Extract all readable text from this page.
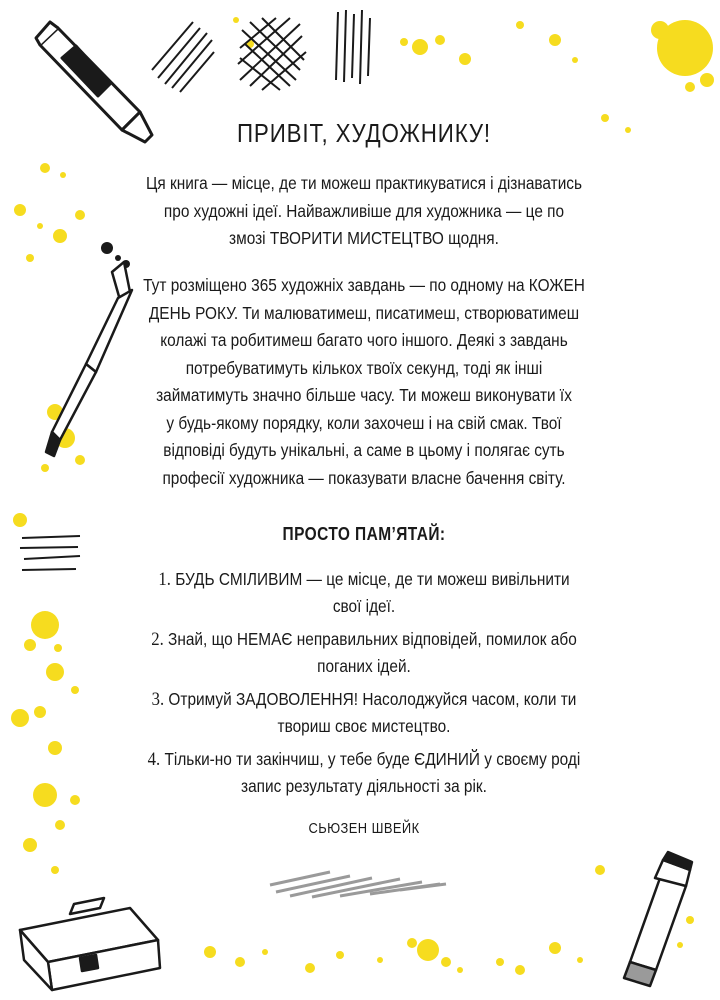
ПРИВІТ, ХУДОЖНИКУ!

Ця книга — місце, де ти можеш практикуватися і дізнаватись
про художні ідеї. Найважливіше для художника — це по
змозі ТВОРИТИ МИСТЕЦТВО щодня.

Тут розміщено 365 художніх завдань — по одному на КОЖЕН
ДЕНЬ РОКУ. Ти малюватимеш, писатимеш, створюватимеш
колажі та робитимеш багато чого іншого. Деякі з завдань
потребуватимуть кількох твоїх секунд, тоді як інші
займатимуть значно більше часу. Ти можеш виконувати їх
у будь-якому порядку, коли захочеш і на свій смак. Твої
відповіді будуть унікальні, а саме в цьому і полягає суть
професії художника — показувати власне бачення світу.

ПРОСТО ПАМ’ЯТАЙ:
1. БУДЬ СМІЛИВИМ — це місце, де ти можеш вивільнити
свої ідеї.
2. Знай, що НЕМАЄ неправильних відповідей, помилок або
поганих ідей.
3. Отримуй ЗАДОВОЛЕННЯ! Насолоджуйся часом, коли ти
твориш своє мистецтво.
4. Тільки-но ти закінчиш, у тебе буде ЄДИНИЙ у своєму роді
запис результату діяльності за рік.

СЬЮЗЕН ШВЕЙК
